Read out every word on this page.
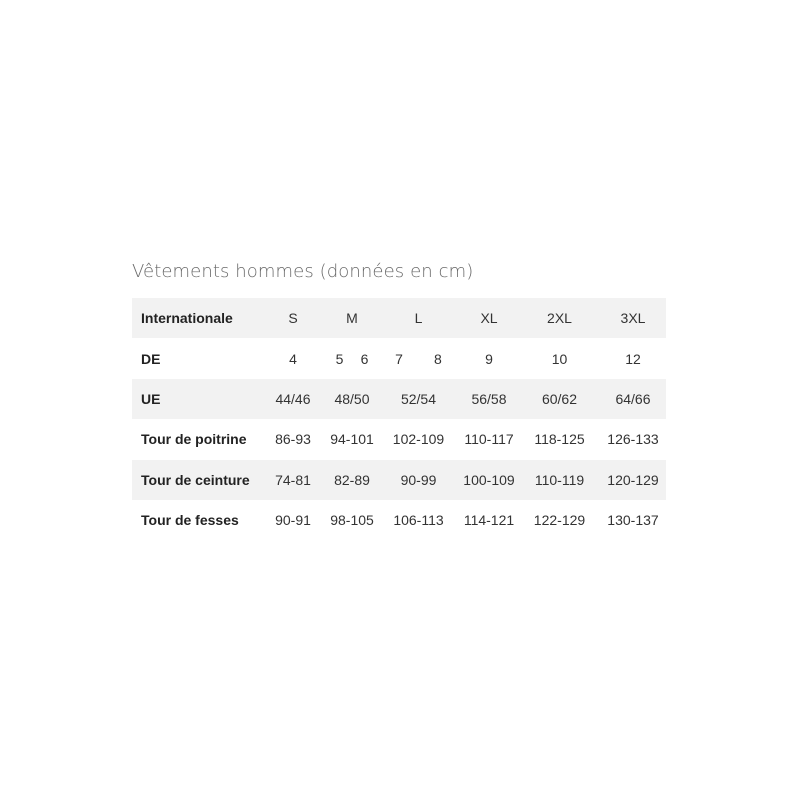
Vêtements hommes (données en cm)
Internationale	S	M	L	XL	2XL	3XL
DE	4	5 6	7 8	9	10	12
UE	44/46	48/50	52/54	56/58	60/62	64/66
Tour de poitrine	86-93	94-101	102-109	110-117	118-125	126-133
Tour de ceinture	74-81	82-89	90-99	100-109	110-119	120-129
Tour de fesses	90-91	98-105	106-113	114-121	122-129	130-137
